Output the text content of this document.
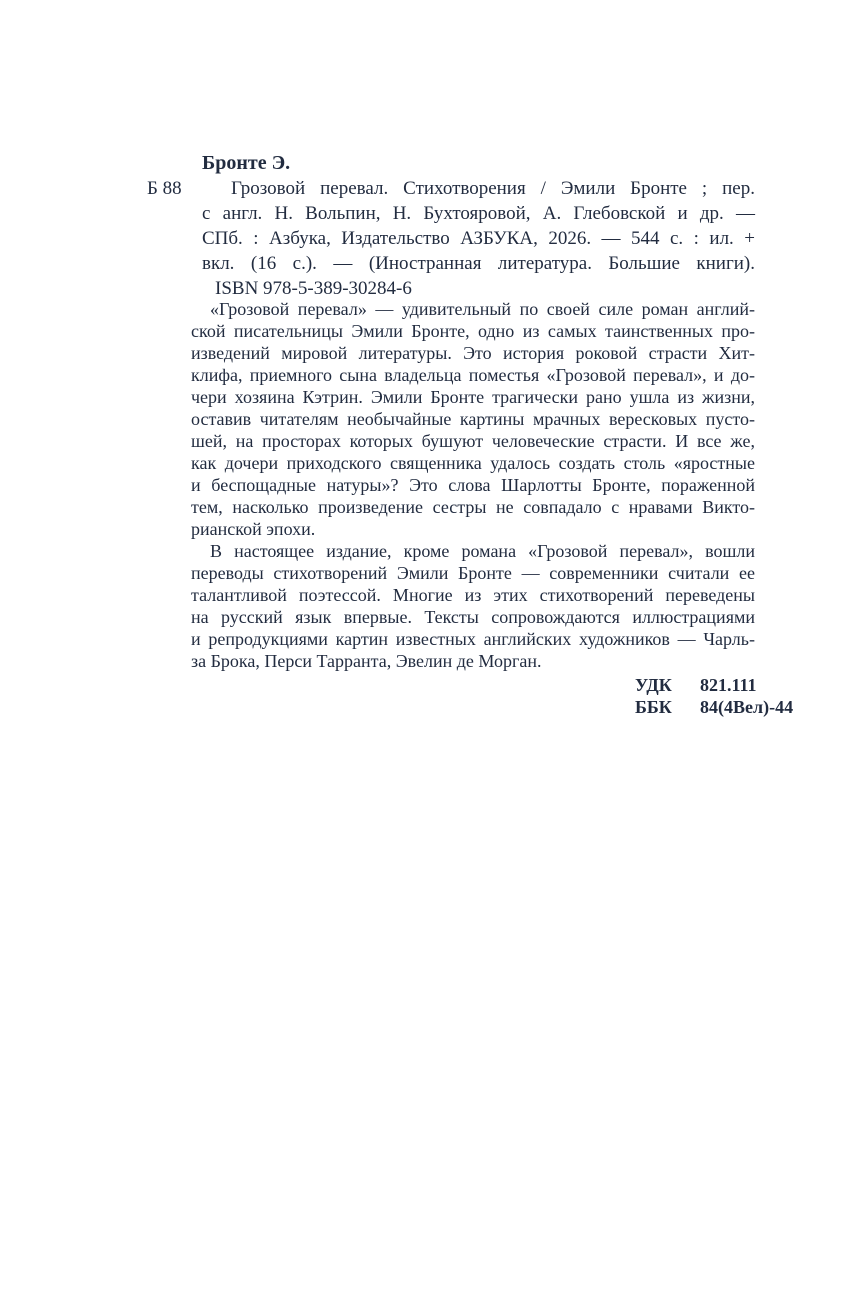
Б 88
Бронте Э.
Грозовой перевал. Стихотворения / Эмили Бронте ; пер.
с англ. Н. Вольпин, Н. Бухтояровой, А. Глебовской и др. —
СПб. : Азбука, Издательство АЗБУКА, 2026. — 544 с. : ил. +
вкл. (16 с.). — (Иностранная литература. Большие книги).
ISBN 978-5-389-30284-6
«Грозовой перевал» — удивительный по своей силе роман англий-
ской писательницы Эмили Бронте, одно из самых таинственных про-
изведений мировой литературы. Это история роковой страсти Хит-
клифа, приемного сына владельца поместья «Грозовой перевал», и до-
чери хозяина Кэтрин. Эмили Бронте трагически рано ушла из жизни,
оставив читателям необычайные картины мрачных вересковых пусто-
шей, на просторах которых бушуют человеческие страсти. И все же,
как дочери приходского священника удалось создать столь «яростные
и беспощадные натуры»? Это слова Шарлотты Бронте, пораженной
тем, насколько произведение сестры не совпадало с нравами Викто-
рианской эпохи.
В настоящее издание, кроме романа «Грозовой перевал», вошли
переводы стихотворений Эмили Бронте — современники считали ее
талантливой поэтессой. Многие из этих стихотворений переведены
на русский язык впервые. Тексты сопровождаются иллюстрациями
и репродукциями картин известных английских художников — Чарль-
за Брока, Перси Тарранта, Эвелин де Морган.
УДК	821.111
ББК	84(4Вел)-44
